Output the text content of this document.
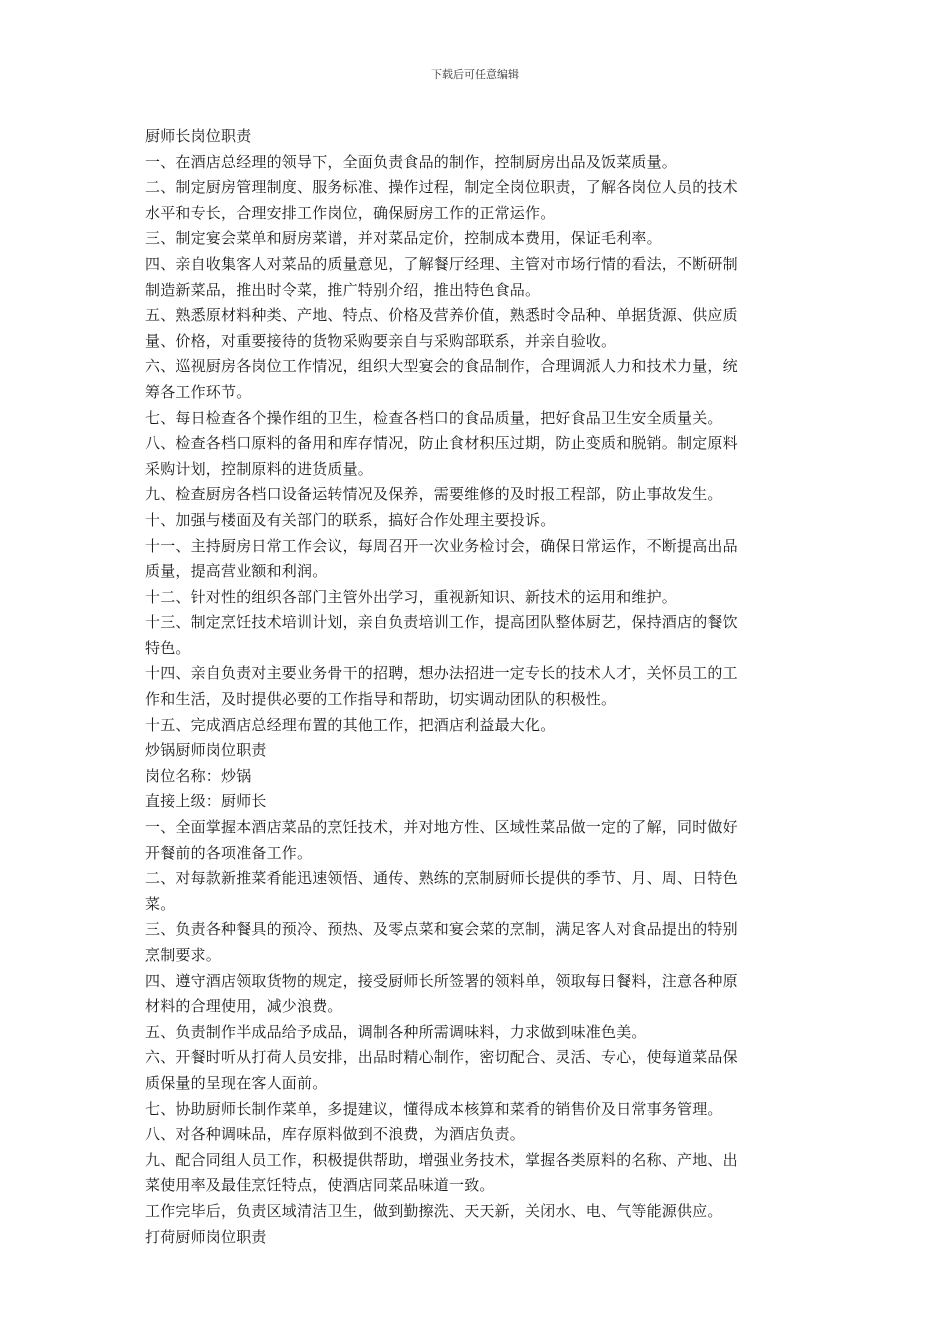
下载后可任意编辑

厨师长岗位职责

一、在酒店总经理的领导下，全面负责食品的制作，控制厨房出品及饭菜质量。

二、制定厨房管理制度、服务标准、操作过程，制定全岗位职责，了解各岗位人员的技术

水平和专长，合理安排工作岗位，确保厨房工作的正常运作。

三、制定宴会菜单和厨房菜谱，并对菜品定价，控制成本费用，保证毛利率。

四、亲自收集客人对菜品的质量意见，了解餐厅经理、主管对市场行情的看法，不断研制

制造新菜品，推出时令菜，推广特别介绍，推出特色食品。

五、熟悉原材料种类、产地、特点、价格及营养价值，熟悉时令品种、单据货源、供应质

量、价格，对重要接待的货物采购要亲自与采购部联系，并亲自验收。

六、巡视厨房各岗位工作情况，组织大型宴会的食品制作，合理调派人力和技术力量，统

筹各工作环节。

七、每日检查各个操作组的卫生，检查各档口的食品质量，把好食品卫生安全质量关。

八、检查各档口原料的备用和库存情况，防止食材积压过期，防止变质和脱销。制定原料

采购计划，控制原料的进货质量。

九、检查厨房各档口设备运转情况及保养，需要维修的及时报工程部，防止事故发生。

十、加强与楼面及有关部门的联系，搞好合作处理主要投诉。

十一、主持厨房日常工作会议，每周召开一次业务检讨会，确保日常运作，不断提高出品

质量，提高营业额和利润。

十二、针对性的组织各部门主管外出学习，重视新知识、新技术的运用和维护。

十三、制定烹饪技术培训计划，亲自负责培训工作，提高团队整体厨艺，保持酒店的餐饮

特色。

十四、亲自负责对主要业务骨干的招聘，想办法招进一定专长的技术人才，关怀员工的工

作和生活，及时提供必要的工作指导和帮助，切实调动团队的积极性。

十五、完成酒店总经理布置的其他工作，把酒店利益最大化。

炒锅厨师岗位职责

岗位名称：炒锅

直接上级：厨师长

一、全面掌握本酒店菜品的烹饪技术，并对地方性、区域性菜品做一定的了解，同时做好

开餐前的各项准备工作。

二、对每款新推菜肴能迅速领悟、通传、熟练的烹制厨师长提供的季节、月、周、日特色

菜。

三、负责各种餐具的预冷、预热、及零点菜和宴会菜的烹制，满足客人对食品提出的特别

烹制要求。

四、遵守酒店领取货物的规定，接受厨师长所签署的领料单，领取每日餐料，注意各种原

材料的合理使用，减少浪费。

五、负责制作半成品给予成品，调制各种所需调味料，力求做到味准色美。

六、开餐时听从打荷人员安排，出品时精心制作，密切配合、灵活、专心，使每道菜品保

质保量的呈现在客人面前。

七、协助厨师长制作菜单，多提建议，懂得成本核算和菜肴的销售价及日常事务管理。

八、对各种调味品，库存原料做到不浪费，为酒店负责。

九、配合同组人员工作，积极提供帮助，增强业务技术，掌握各类原料的名称、产地、出

菜使用率及最佳烹饪特点，使酒店同菜品味道一致。

工作完毕后，负责区域清洁卫生，做到勤擦洗、天天新，关闭水、电、气等能源供应。

打荷厨师岗位职责
